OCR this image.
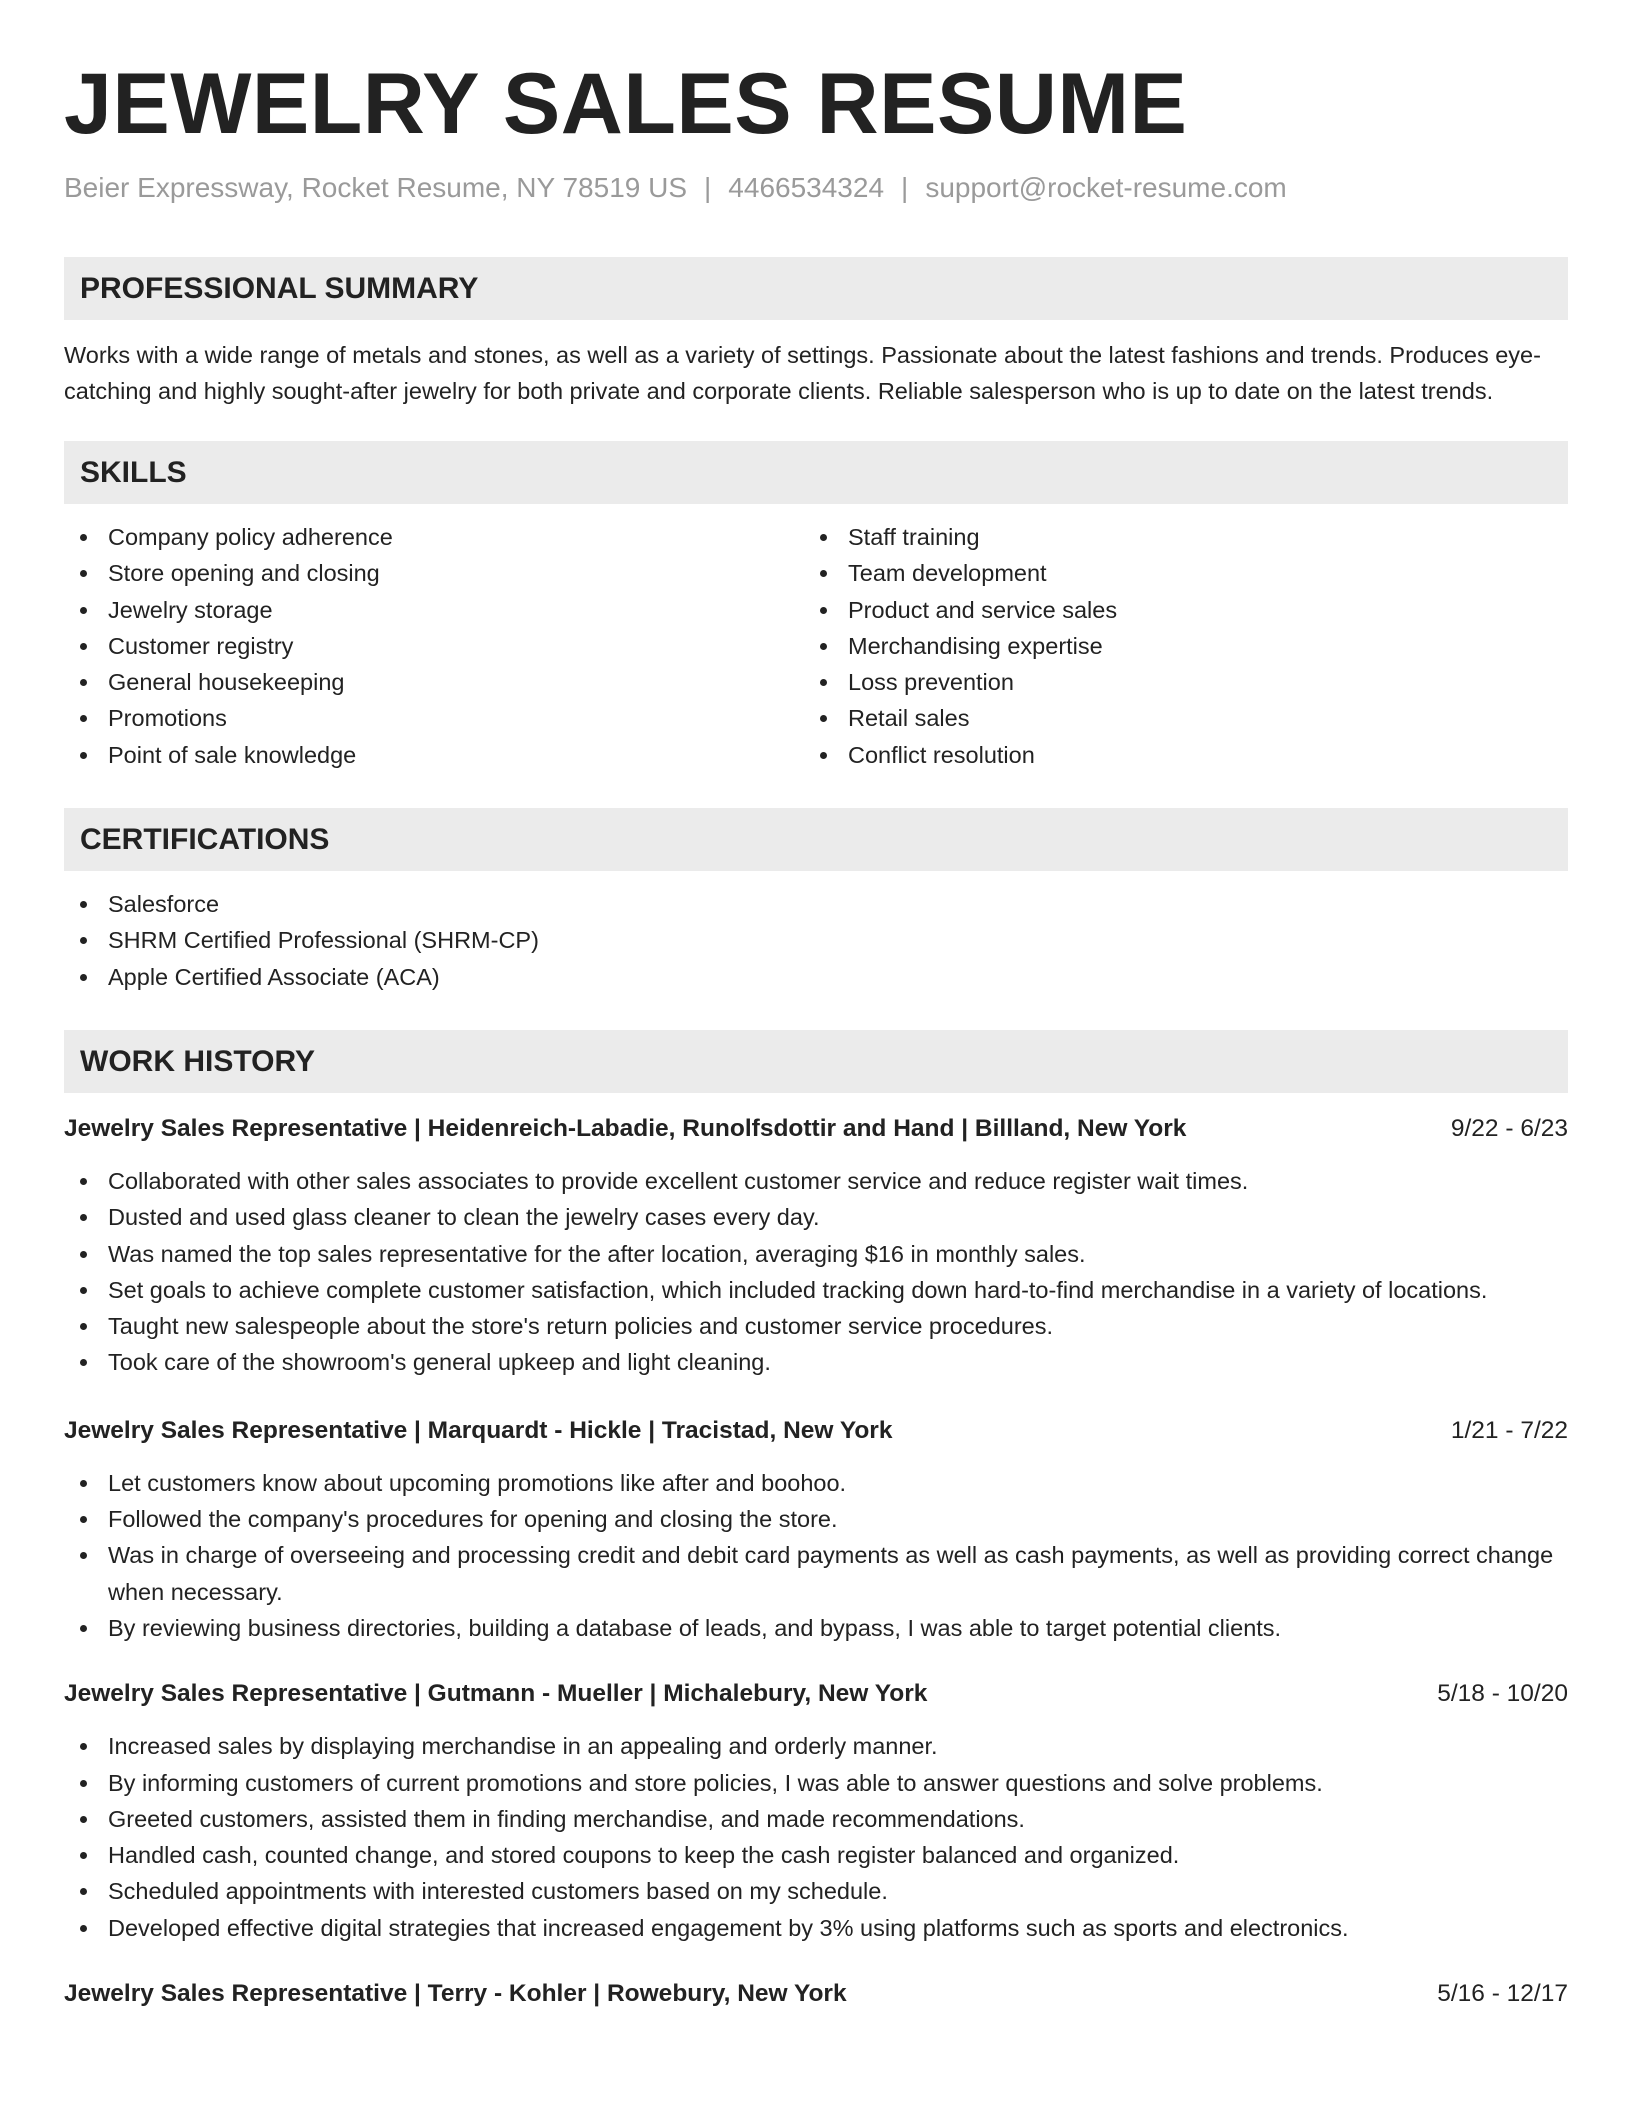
JEWELRY SALES RESUME
Beier Expressway, Rocket Resume, NY 78519 US | 4466534324 | support@rocket-resume.com
PROFESSIONAL SUMMARY
Works with a wide range of metals and stones, as well as a variety of settings. Passionate about the latest fashions and trends. Produces eye-catching and highly sought-after jewelry for both private and corporate clients. Reliable salesperson who is up to date on the latest trends.
SKILLS
Company policy adherence
Store opening and closing
Jewelry storage
Customer registry
General housekeeping
Promotions
Point of sale knowledge
Staff training
Team development
Product and service sales
Merchandising expertise
Loss prevention
Retail sales
Conflict resolution
CERTIFICATIONS
Salesforce
SHRM Certified Professional (SHRM-CP)
Apple Certified Associate (ACA)
WORK HISTORY
Jewelry Sales Representative | Heidenreich-Labadie, Runolfsdottir and Hand | Billland, New York	9/22 - 6/23
Collaborated with other sales associates to provide excellent customer service and reduce register wait times.
Dusted and used glass cleaner to clean the jewelry cases every day.
Was named the top sales representative for the after location, averaging $16 in monthly sales.
Set goals to achieve complete customer satisfaction, which included tracking down hard-to-find merchandise in a variety of locations.
Taught new salespeople about the store's return policies and customer service procedures.
Took care of the showroom's general upkeep and light cleaning.
Jewelry Sales Representative | Marquardt - Hickle | Tracistad, New York	1/21 - 7/22
Let customers know about upcoming promotions like after and boohoo.
Followed the company's procedures for opening and closing the store.
Was in charge of overseeing and processing credit and debit card payments as well as cash payments, as well as providing correct change when necessary.
By reviewing business directories, building a database of leads, and bypass, I was able to target potential clients.
Jewelry Sales Representative | Gutmann - Mueller | Michalebury, New York	5/18 - 10/20
Increased sales by displaying merchandise in an appealing and orderly manner.
By informing customers of current promotions and store policies, I was able to answer questions and solve problems.
Greeted customers, assisted them in finding merchandise, and made recommendations.
Handled cash, counted change, and stored coupons to keep the cash register balanced and organized.
Scheduled appointments with interested customers based on my schedule.
Developed effective digital strategies that increased engagement by 3% using platforms such as sports and electronics.
Jewelry Sales Representative | Terry - Kohler | Rowebury, New York	5/16 - 12/17
